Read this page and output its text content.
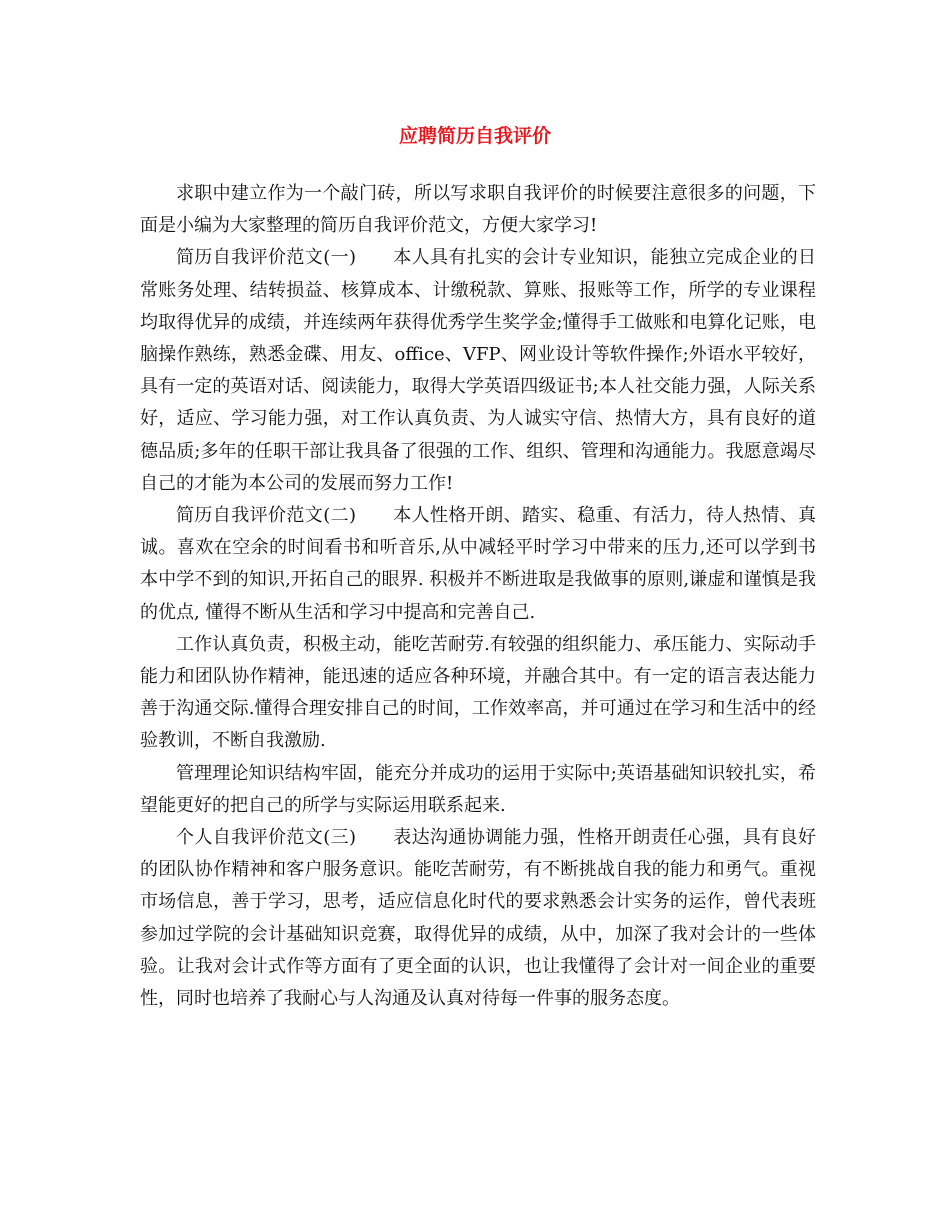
应聘简历自我评价

求职中建立作为一个敲门砖，所以写求职自我评价的时候要注意很多的问题，下面是小编为大家整理的简历自我评价范文，方便大家学习!

简历自我评价范文(一)　　本人具有扎实的会计专业知识，能独立完成企业的日常账务处理、结转损益、核算成本、计缴税款、算账、报账等工作，所学的专业课程均取得优异的成绩，并连续两年获得优秀学生奖学金;懂得手工做账和电算化记账，电脑操作熟练，熟悉金碟、用友、office、VFP、网业设计等软件操作;外语水平较好，具有一定的英语对话、阅读能力，取得大学英语四级证书;本人社交能力强，人际关系好，适应、学习能力强，对工作认真负责、为人诚实守信、热情大方，具有良好的道德品质;多年的任职干部让我具备了很强的工作、组织、管理和沟通能力。我愿意竭尽自己的才能为本公司的发展而努力工作!

简历自我评价范文(二)　　本人性格开朗、踏实、稳重、有活力，待人热情、真诚。喜欢在空余的时间看书和听音乐,从中减轻平时学习中带来的压力,还可以学到书本中学不到的知识,开拓自己的眼界. 积极并不断进取是我做事的原则,谦虚和谨慎是我的优点, 懂得不断从生活和学习中提高和完善自己.

工作认真负责，积极主动，能吃苦耐劳.有较强的组织能力、承压能力、实际动手能力和团队协作精神，能迅速的适应各种环境，并融合其中。有一定的语言表达能力善于沟通交际.懂得合理安排自己的时间，工作效率高，并可通过在学习和生活中的经验教训，不断自我激励.

管理理论知识结构牢固，能充分并成功的运用于实际中;英语基础知识较扎实，希望能更好的把自己的所学与实际运用联系起来.

个人自我评价范文(三)　　表达沟通协调能力强，性格开朗责任心强，具有良好的团队协作精神和客户服务意识。能吃苦耐劳，有不断挑战自我的能力和勇气。重视市场信息，善于学习，思考，适应信息化时代的要求熟悉会计实务的运作，曾代表班参加过学院的会计基础知识竞赛，取得优异的成绩，从中，加深了我对会计的一些体验。让我对会计式作等方面有了更全面的认识，也让我懂得了会计对一间企业的重要性，同时也培养了我耐心与人沟通及认真对待每一件事的服务态度。
